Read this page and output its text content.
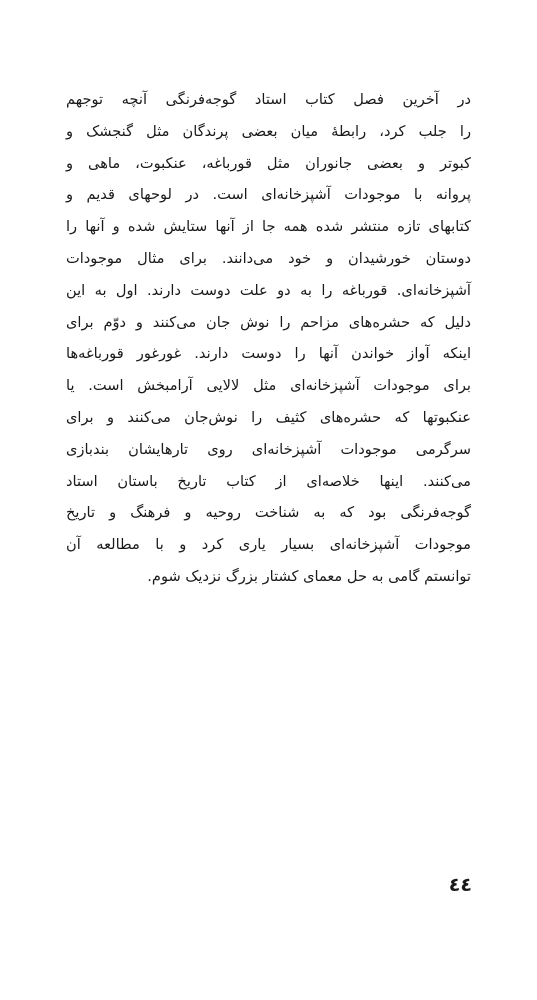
در آخرین فصل کتاب استاد گوجه‌فرنگی آنچه توجهم
را جلب کرد، رابطهٔ میان بعضی پرندگان مثل گنجشک و
کبوتر و بعضی جانوران مثل قورباغه، عنکبوت، ماهی و
پروانه با موجودات آشپزخانه‌ای است. در لوحهای قدیم و
کتابهای تازه منتشر شده همه جا از آنها ستایش شده و آنها را
دوستان خورشیدان و خود می‌دانند. برای مثال موجودات
آشپزخانه‌ای. قورباغه را به دو علت دوست دارند. اول به این
دلیل که حشره‌های مزاحم را نوش جان می‌کنند و دوّم برای
اینکه آواز خواندن آنها را دوست دارند. غورغور قورباغه‌ها
برای موجودات آشپزخانه‌ای مثل لالایی آرامبخش است. یا
عنکبوتها که حشره‌های کثیف را نوش‌جان می‌کنند و برای
سرگرمی موجودات آشپزخانه‌ای روی تارهایشان بندبازی
می‌کنند. اینها خلاصه‌ای از کتاب تاریخ باستان استاد
گوجه‌فرنگی بود که به شناخت روحیه و فرهنگ و تاریخ
موجودات آشپزخانه‌ای بسیار یاری کرد و با مطالعه آن
توانستم گامی به حل معمای کشتار بزرگ نزدیک شوم.
٤٤
